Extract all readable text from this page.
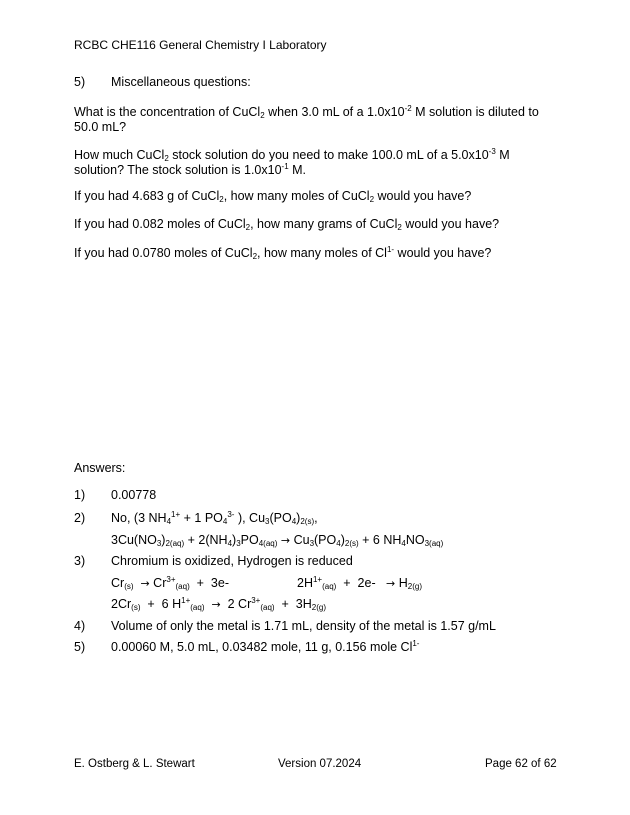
RCBC CHE116 General Chemistry I Laboratory
5) Miscellaneous questions:
What is the concentration of CuCl$_2$ when 3.0 mL of a $1.0x10^{-2}$ M solution is diluted to
50.0 mL?
How much CuCl$_2$ stock solution do you need to make 100.0 mL of a $5.0x10^{-3}$ M
solution? The stock solution is $1.0x10^{-1}$ M.
If you had 4.683 g of CuCl$_2$, how many moles of CuCl$_2$ would you have?
If you had 0.082 moles of CuCl$_2$, how many grams of CuCl$_2$ would you have?
If you had 0.0780 moles of CuCl$_2$, how many moles of $Cl^{1-}$ would you have?
Answers:
1) 0.00778
2) No, (3 $NH_4^{1+} + 1$ $PO_4^{3-}$ ), $Cu_3(PO_4)_{2(s)}$,
$3Cu(NO_3)_{2(aq)} + 2(NH_4)_3PO_{4(aq)} \to Cu_3(PO_4)_{2(s)} + 6$ $NH_4NO_{3(aq)}$
3) Chromium is oxidized, Hydrogen is reduced
$Cr_{(s)} \to Cr^{3+}_{(aq)} + 3e-$	$2H^{1+}_{(aq)} + 2e- \to H_{2(g)}$
$2Cr_{(s)} + 6$ $H^{1+}_{(aq)} \to 2$ $Cr^{3+}_{(aq)} + 3H_{2(g)}$
4) Volume of only the metal is 1.71 mL, density of the metal is 1.57 g/mL
5) 0.00060 M, 5.0 mL, 0.03482 mole, 11 g, 0.156 mole $Cl^{1-}$
E. Ostberg & L. Stewart	Version 07.2024	Page 62 of 62
